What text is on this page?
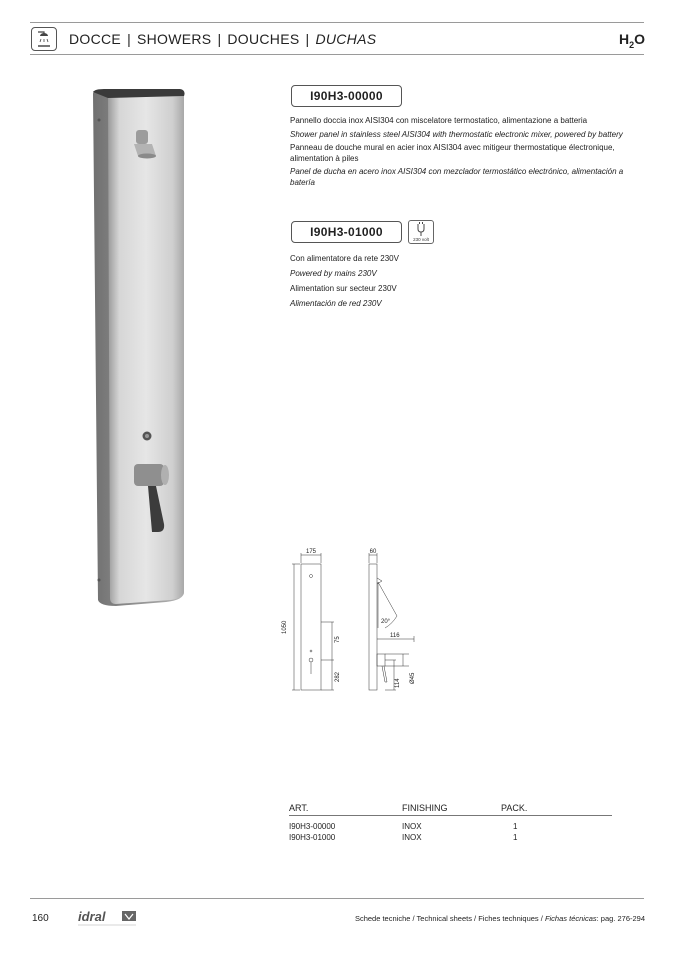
DOCCE | SHOWERS | DOUCHES | DUCHAS	$H_2O$
I90H3-00000

Pannello doccia inox AISI304 con miscelatore termostatico, alimentazione a batteria

Shower panel in stainless steel AISI304 with thermostatic electronic mixer, powered by battery

Panneau de douche mural en acier inox AISI304 avec mitigeur thermostatique électronique, alimentation à piles

Panel de ducha en acero inox AISI304 con mezclador termostático electrónico, alimentación a batería

I90H3-01000
230 volt

Con alimentatore da rete 230V

Powered by mains 230V

Alimentation sur secteur 230V

Alimentación de red 230V

175	60
1050
75
282
20°
116
114 Ø45
ART.	FINISHING	PACK.
I90H3-00000	INOX	1
I90H3-01000	INOX	1
160 idral	Schede tecniche / Technical sheets / Fiches techniques / Fichas técnicas: pag. 276-294
